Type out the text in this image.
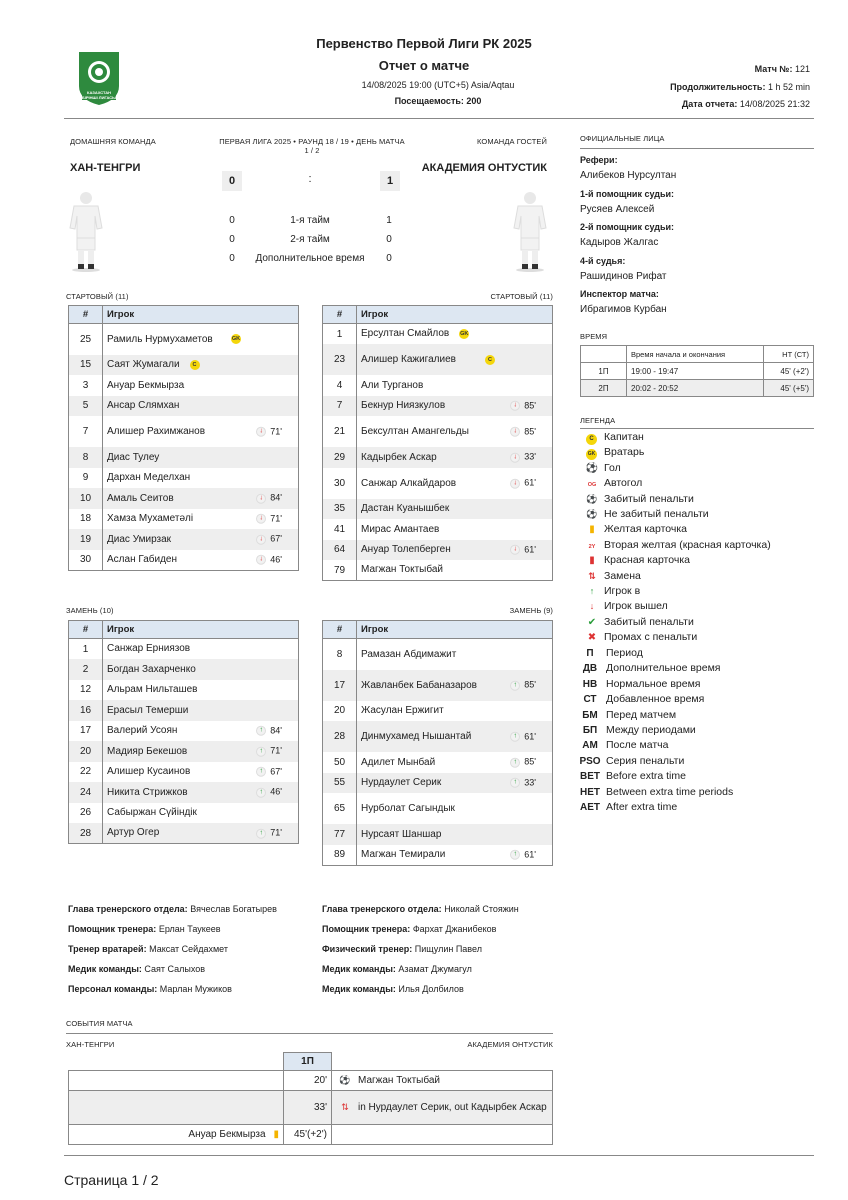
КАЗАХСТАН БІРІНШІ ЛИГАСЫ
Первенство Первой Лиги РК 2025
Отчет о матче
14/08/2025 19:00 (UTC+5) Asia/Aqtau
Посещаемость: 200
Матч №: 121
Продолжительность: 1 h 52 min
Дата отчета: 14/08/2025 21:32
ДОМАШНЯЯ КОМАНДА	ПЕРВАЯ ЛИГА 2025 • РАУНД 18 / 19 • ДЕНЬ МАТЧА
1 / 2
КОМАНДА ГОСТЕЙ
ХАН-ТЕНГРИ	АКАДЕМИЯ ОНТУСТИК
0	:	1
0	1-я тайм	1
0	2-я тайм	0
0	Дополнительное время	0
СТАРТОВЫЙ (11)	СТАРТОВЫЙ (11)
#	Игрок
25	Рамиль Нурмухаметов GK
15	Саят Жумагали C
3	Ануар Бекмырза
5	Ансар Слямхан
7	Алишер Рахимжанов ↓ 71'

8	Диас Тулеу
9	Дархан Меделхан
10	Амаль Сеитов ↓ 84'

18	Хамза Мухаметәлі ↓ 71'

19	Диас Умирзак ↓ 67'

30	Аслан Габиден ↓ 46'
#	Игрок
1	Ерсултан Смайлов GK
23	Алишер Кажигалиев C
4	Али Турганов
7	Бекнур Ниязкулов ↓ 85'

21	Бексултан Амангельды ↓ 85'

29	Кадырбек Аскар ↓ 33'

30	Санжар Алкайдаров ↓ 61'

35	Дастан Куанышбек
41	Мирас Амантаев
64	Ануар Толепберген ↓ 61'

79	Магжан Токтыбай
ЗАМЕНЬ (10)	ЗАМЕНЬ (9)
#	Игрок
1	Санжар Ерниязов
2	Богдан Захарченко
12	Альрам Нильташев
16	Ерасыл Темерши
17	Валерий Усоян ↑ 84'

20	Мадияр Бекешов ↑ 71'

22	Алишер Кусаинов ↑ 67'

24	Никита Стрижков ↑ 46'

26	Сабыржан Сүйіндік
28	Артур Огер ↑ 71'
#	Игрок
8	Рамазан Абдимажит
17	Жавланбек Бабаназаров ↑ 85'

20	Жасулан Ержигит
28	Динмухамед Нышантай ↑ 61'

50	Адилет Мынбай ↑ 85'

55	Нурдаулет Серик ↑ 33'

65	Нурболат Сагындык
77	Нурсаят Шаншар
89	Магжан Темирали ↑ 61'
ОФИЦИАЛЬНЫЕ ЛИЦА
Рефери:
Алибеков Нурсултан
1-й помощник судьи:
Русяев Алексей
2-й помощник судьи:
Кадыров Жалгас
4-й судья:
Рашидинов Рифат
Инспектор матча:
Ибрагимов Курбан
ВРЕМЯ
	Время начала и окончания	НТ (СТ)
1П	19:00 - 19:47	45' (+2')
2П	20:02 - 20:52	45' (+5')
ЛЕГЕНДА
C Капитан
GK Вратарь
⚽ Гол
OG Автогол
⚽ Забитый пенальти
⚽ Не забитый пенальти
▮ Желтая карточка
2Y Вторая желтая (красная карточка)
▮ Красная карточка
⇅ Замена
↑ Игрок в
↓ Игрок вышел
✔ Забитый пенальти
✖ Промах с пенальти
П Период
ДВ Дополнительное время
НВ Нормальное время
СТ Добавленное время
БМ Перед матчем
БП Между периодами
АМ После матча
PSO Серия пенальти
BET Before extra time
HET Between extra time periods
AET After extra time
Глава тренерского отдела: Вячеслав Богатырев
Помощник тренера: Ерлан Таукеев
Тренер вратарей: Максат Сейдахмет
Медик команды: Саят Салыхов
Персонал команды: Марлан Мужиков
Глава тренерского отдела: Николай Стояжин
Помощник тренера: Фархат Джанибеков
Физический тренер: Пищулин Павел
Медик команды: Азамат Джумагул
Медик команды: Илья Долбилов
СОБЫТИЯ МАТЧА
ХАН-ТЕНГРИ	АКАДЕМИЯ ОНТУСТИК
	1П	
	20'	⚽ Магжан Токтыбай

	33'	⇅ in Нурдаулет Серик, out Кадырбек Аскар

Ануар Бекмырза ▮	45'(+2')	
Страница 1 / 2
